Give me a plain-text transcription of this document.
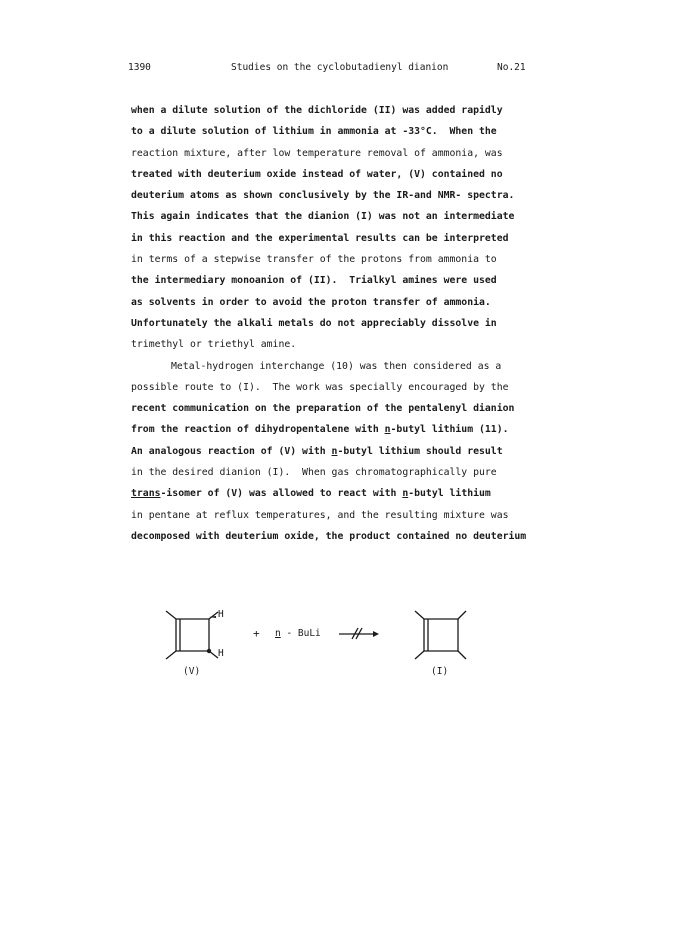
1390	Studies on the cyclobutadienyl dianion	No.21
when a dilute solution of the dichloride (II) was added rapidly
to a dilute solution of lithium in ammonia at -33°C.  When the
reaction mixture, after low temperature removal of ammonia, was
treated with deuterium oxide instead of water, (V) contained no
deuterium atoms as shown conclusively by the IR-and NMR- spectra.
This again indicates that the dianion (I) was not an intermediate
in this reaction and the experimental results can be interpreted
in terms of a stepwise transfer of the protons from ammonia to
the intermediary monoanion of (II).  Trialkyl amines were used
as solvents in order to avoid the proton transfer of ammonia.
Unfortunately the alkali metals do not appreciably dissolve in
trimethyl or triethyl amine.
Metal-hydrogen interchange (10) was then considered as a
possible route to (I).  The work was specially encouraged by the
recent communication on the preparation of the pentalenyl dianion
from the reaction of dihydropentalene with n-butyl lithium (11).
An analogous reaction of (V) with n-butyl lithium should result
in the desired dianion (I).  When gas chromatographically pure
trans-isomer of (V) was allowed to react with n-butyl lithium
in pentane at reflux temperatures, and the resulting mixture was
decomposed with deuterium oxide, the product contained no deuterium
H
H
+ n - BuLi
(V)	(I)
